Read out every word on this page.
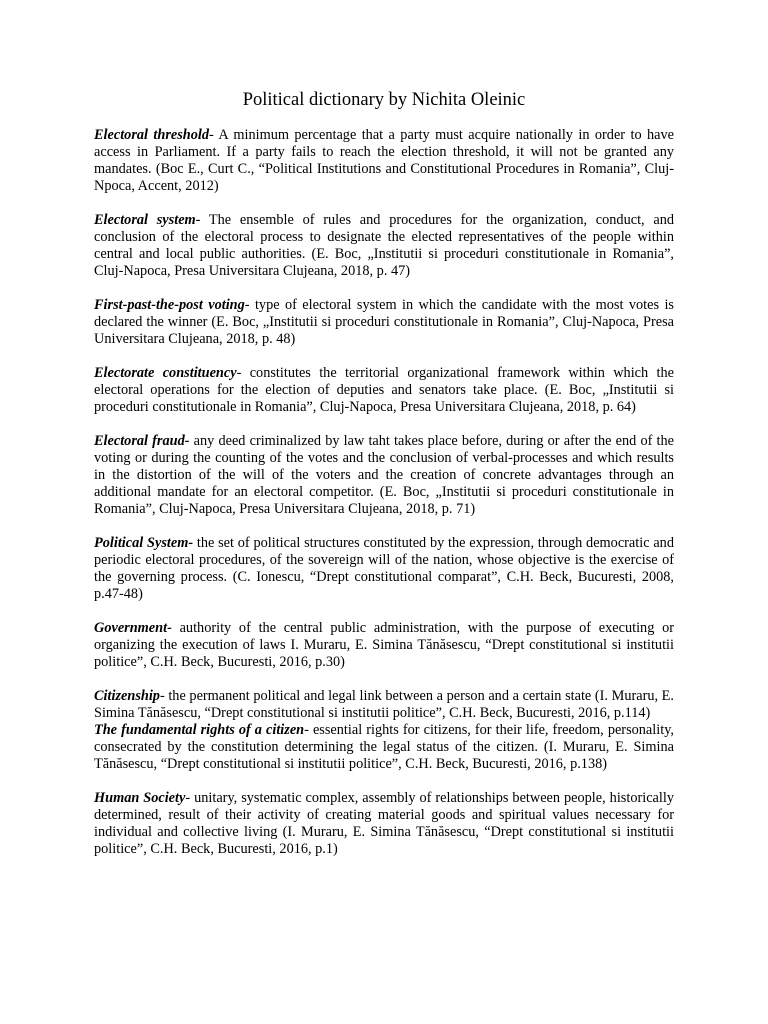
Political dictionary by Nichita Oleinic

Electoral threshold- A minimum percentage that a party must acquire nationally in order to have access in Parliament. If a party fails to reach the election threshold, it will not be granted any mandates. (Boc E., Curt C., “Political Institutions and Constitutional Procedures in Romania”, Cluj-Npoca, Accent, 2012)

Electoral system- The ensemble of rules and procedures for the organization, conduct, and conclusion of the electoral process to designate the elected representatives of the people within central and local public authorities. (E. Boc, „Institutii si proceduri constitutionale in Romania”, Cluj-Napoca, Presa Universitara Clujeana, 2018, p. 47)

First-past-the-post voting- type of electoral system in which the candidate with the most votes is declared the winner (E. Boc, „Institutii si proceduri constitutionale in Romania”, Cluj-Napoca, Presa Universitara Clujeana, 2018, p. 48)

Electorate constituency- constitutes the territorial organizational framework within which the electoral operations for the election of deputies and senators take place. (E. Boc, „Institutii si proceduri constitutionale in Romania”, Cluj-Napoca, Presa Universitara Clujeana, 2018, p. 64)

Electoral fraud- any deed criminalized by law taht takes place before, during or after the end of the voting or during the counting of the votes and the conclusion of verbal-processes and which results in the distortion of the will of the voters and the creation of concrete advantages through an additional mandate for an electoral competitor. (E. Boc, „Institutii si proceduri constitutionale in Romania”, Cluj-Napoca, Presa Universitara Clujeana, 2018, p. 71)

Political System- the set of political structures constituted by the expression, through democratic and periodic electoral procedures, of the sovereign will of the nation, whose objective is the exercise of the governing process. (C. Ionescu, “Drept constitutional comparat”, C.H. Beck, Bucuresti, 2008, p.47-48)

Government- authority of the central public administration, with the purpose of executing or organizing the execution of laws I. Muraru, E. Simina Tănăsescu, “Drept constitutional si institutii politice”, C.H. Beck, Bucuresti, 2016, p.30)

Citizenship- the permanent political and legal link between a person and a certain state (I. Muraru, E. Simina Tănăsescu, “Drept constitutional si institutii politice”, C.H. Beck, Bucuresti, 2016, p.114)

The fundamental rights of a citizen- essential rights for citizens, for their life, freedom, personality, consecrated by the constitution determining the legal status of the citizen. (I. Muraru, E. Simina Tănăsescu, “Drept constitutional si institutii politice”, C.H. Beck, Bucuresti, 2016, p.138)

Human Society- unitary, systematic complex, assembly of relationships between people, historically determined, result of their activity of creating material goods and spiritual values necessary for individual and collective living (I. Muraru, E. Simina Tănăsescu, “Drept constitutional si institutii politice”, C.H. Beck, Bucuresti, 2016, p.1)
